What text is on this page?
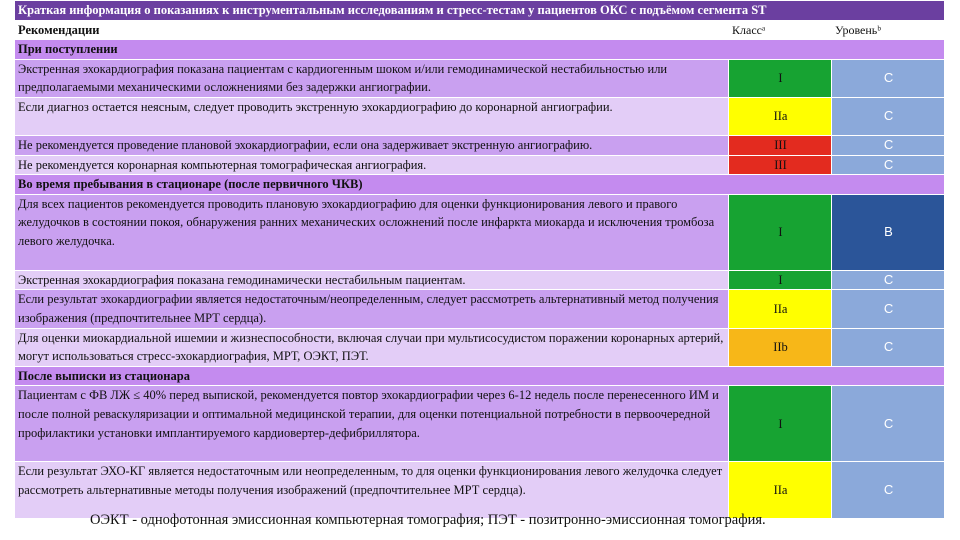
Краткая информация о показаниях к инструментальным исследованиям и стресс-тестам у пациентов ОКС с подъёмом сегмента ST		
Рекомендации	Классᵃ	Уровеньᵇ
При поступлении		
Экстренная эхокардиография показана пациентам с кардиогенным шоком и/или гемодинамической нестабильностью или предполагаемыми механическими осложнениями без задержки ангиографии.	I	C
Если диагноз остается неясным, следует проводить экстренную эхокардиографию до коронарной ангиографии.	IIa	C
Не рекомендуется проведение плановой эхокардиографии, если она задерживает экстренную ангиографию.	III	C
Не рекомендуется коронарная компьютерная томографическая ангиография.	III	C
Во время пребывания в стационаре (после первичного ЧКВ)		
Для всех пациентов рекомендуется проводить плановую эхокардиографию для оценки функционирования левого и правого желудочков в состоянии покоя, обнаружения ранних механических осложнений после инфаркта миокарда и исключения тромбоза левого желудочка.	I	B
Экстренная эхокардиография показана гемодинамически нестабильным пациентам.	I	C
Если результат эхокардиографии является недостаточным/неопределенным, следует рассмотреть альтернативный метод получения изображения (предпочтительнее МРТ сердца).	IIa	C
Для оценки миокардиальной ишемии и жизнеспособности, включая случаи при мультисосудистом поражении коронарных артерий, могут использоваться стресс-эхокардиография, МРТ, ОЭКТ, ПЭТ.	IIb	C
После выписки из стационара		
Пациентам с ФВ ЛЖ ≤ 40% перед выпиской, рекомендуется повтор эхокардиографии через 6-12 недель после перенесенного ИМ и после полной реваскуляризации и оптимальной медицинской терапии, для оценки потенциальной потребности в первоочередной профилактики установки имплантируемого кардиовертер-дефибриллятора.	I	C
Если результат ЭХО-КГ является недостаточным или неопределенным, то для оценки функционирования левого желудочка следует рассмотреть альтернативные методы получения изображений (предпочтительнее МРТ сердца).	IIa	C
ОЭКТ - однофотонная эмиссионная компьютерная томография; ПЭТ - позитронно-эмиссионная томография.
